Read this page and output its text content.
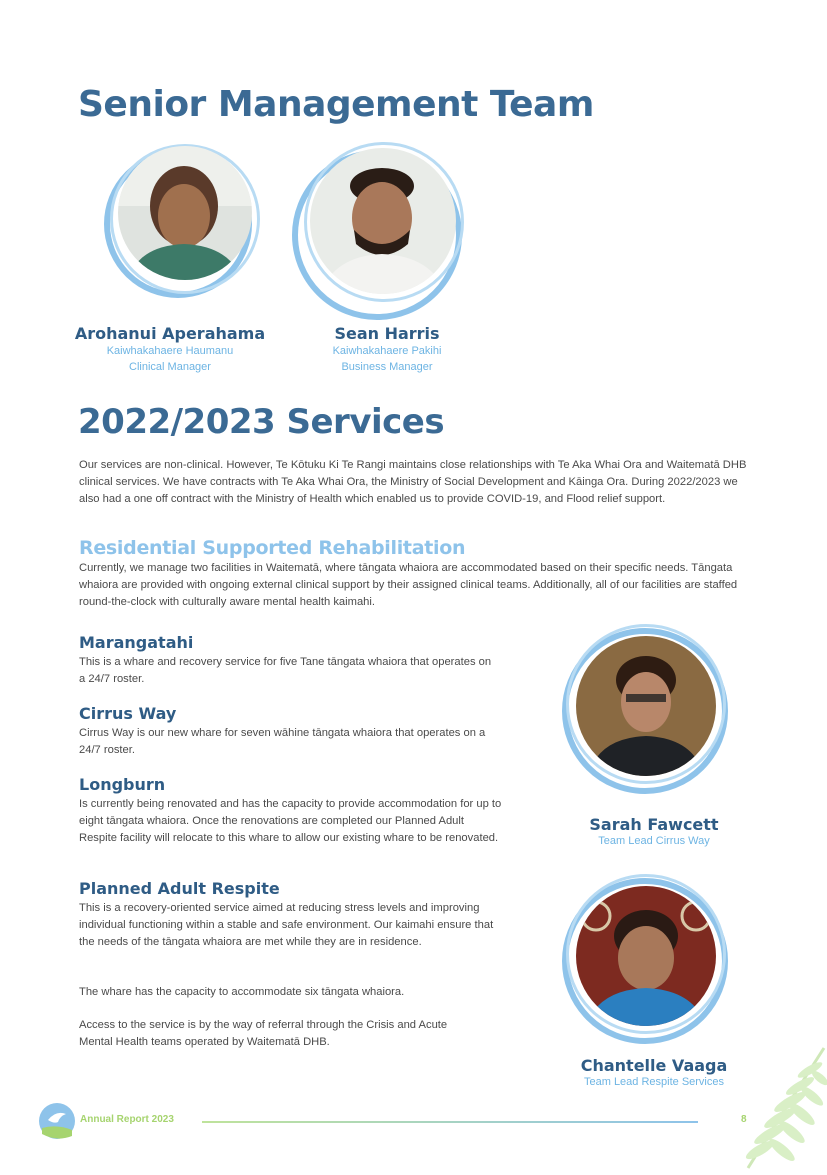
Senior Management Team
Arohanui Aperahama
Kaiwhakahaere Haumanu
Clinical Manager
Sean Harris
Kaiwhakahaere Pakihi
Business Manager
2022/2023 Services

Our services are non-clinical. However, Te Kōtuku Ki Te Rangi maintains close relationships with Te Aka Whai Ora and Waitematā DHB clinical services. We have contracts with Te Aka Whai Ora, the Ministry of Social Development and Kāinga Ora. During 2022/2023 we also had a one off contract with the Ministry of Health which enabled us to provide COVID-19, and Flood relief support.

Residential Supported Rehabilitation

Currently, we manage two facilities in Waitematā, where tāngata whaiora are accommodated based on their specific needs. Tāngata whaiora are provided with ongoing external clinical support by their assigned clinical teams. Additionally, all of our facilities are staffed round-the-clock with culturally aware mental health kaimahi.

Marangatahi

This is a whare and recovery service for five Tane tāngata whaiora that operates on a 24/7 roster.

Cirrus Way

Cirrus Way is our new whare for seven wāhine tāngata whaiora that operates on a 24/7 roster.

Longburn

Is currently being renovated and has the capacity to provide accommodation for up to eight tāngata whaiora. Once the renovations are completed our Planned Adult Respite facility will relocate to this whare to allow our existing whare to be renovated.

Planned Adult Respite

This is a recovery-oriented service aimed at reducing stress levels and improving individual functioning within a stable and safe environment. Our kaimahi ensure that the needs of the tāngata whaiora are met while they are in residence.

The whare has the capacity to accommodate six tāngata whaiora.

Access to the service is by the way of referral through the Crisis and Acute Mental Health teams operated by Waitematā DHB.

Sarah Fawcett
Team Lead Cirrus Way
Chantelle Vaaga
Team Lead Respite Services
Annual Report 2023	8
